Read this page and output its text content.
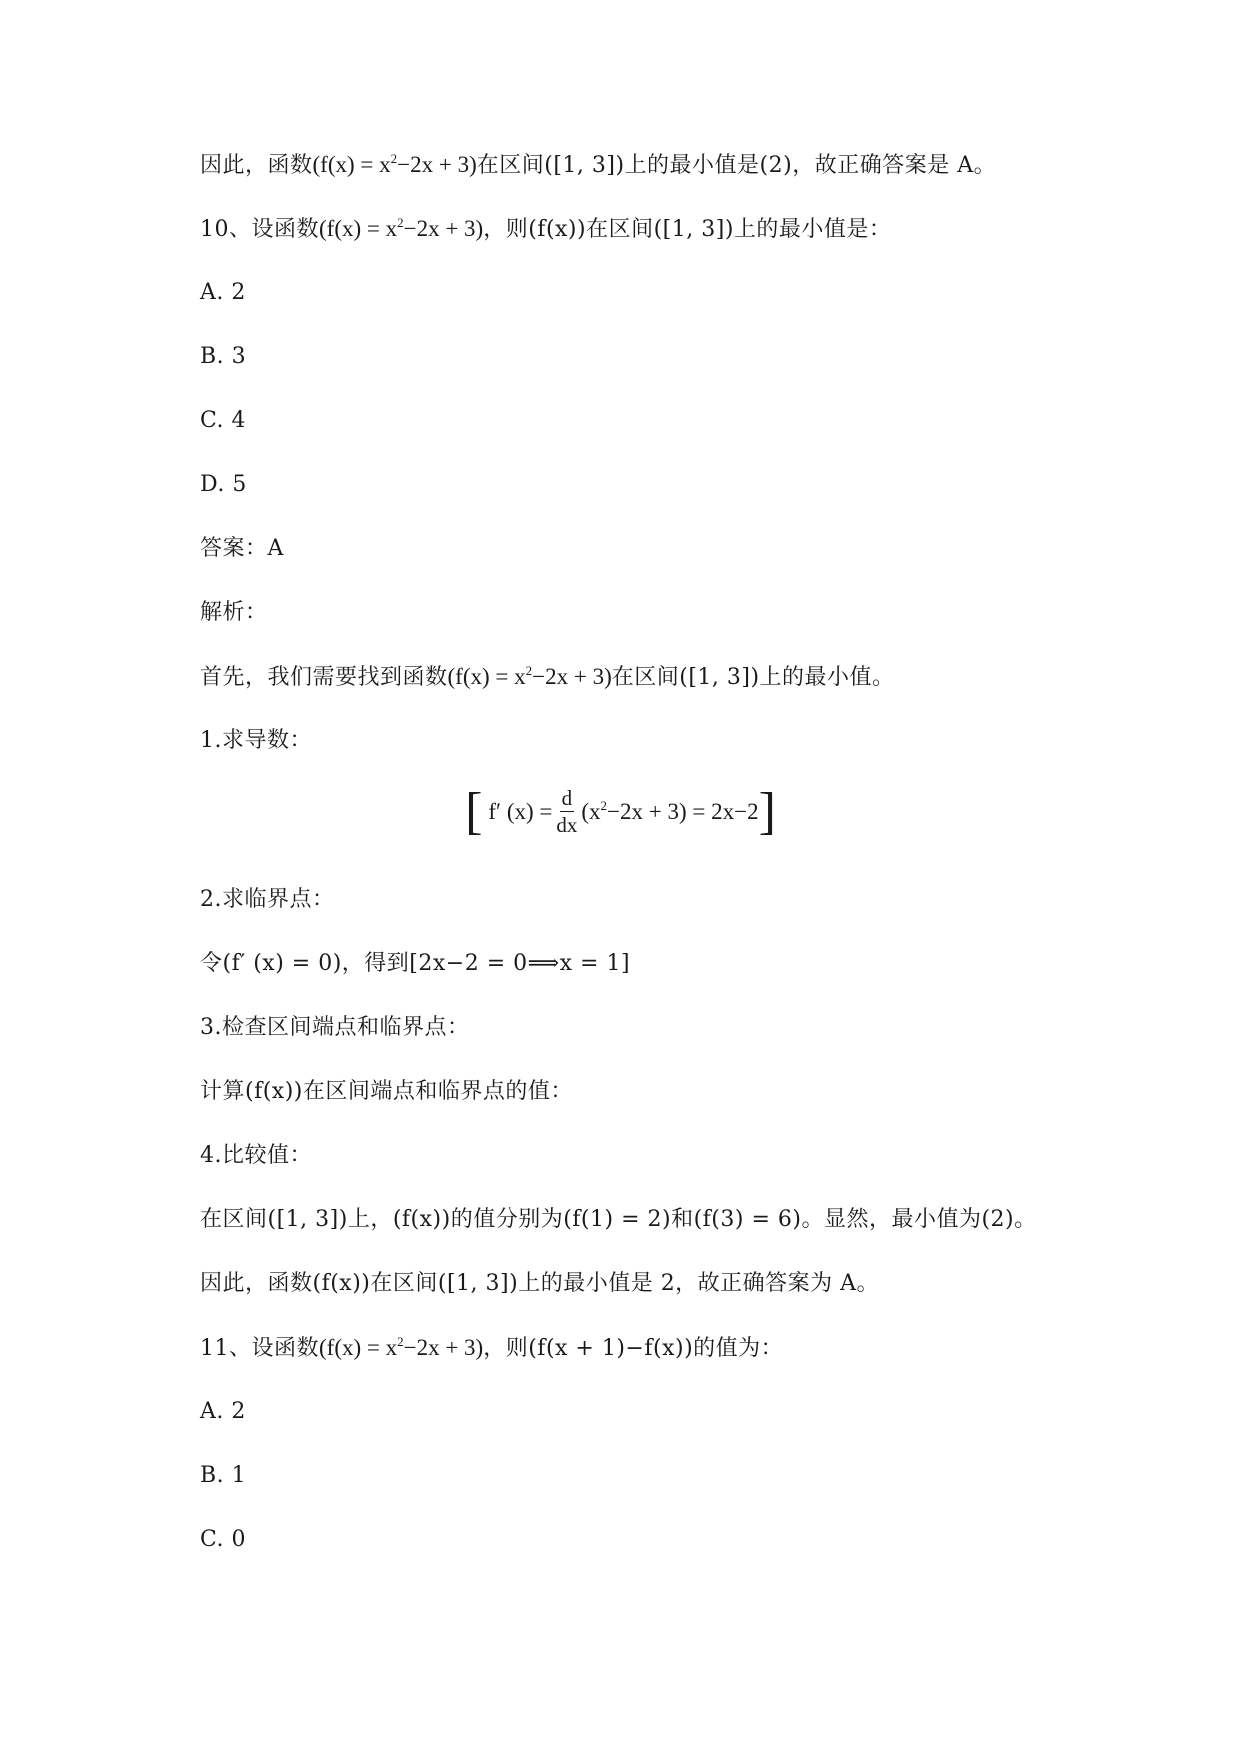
因此，函数$(f(x) = x^2-2x + 3)$在区间([1, 3])上的最小值是(2)，故正确答案是 A。
10、设函数$(f(x) = x^2-2x + 3)$，则(f(x))在区间([1, 3])上的最小值是：
A. 2
B. 3
C. 4
D. 5
答案：A
解析：
首先，我们需要找到函数$(f(x) = x^2-2x + 3)$在区间([1, 3])上的最小值。
1.求导数：
[ f′ $(x) = \frac{d}{dx} (x^2-2x + 3) = 2x-2$ ]
2.求临界点：
令(f′ (x) = 0)，得到[2x−2 = 0⟹x = 1]
3.检查区间端点和临界点：
计算(f(x))在区间端点和临界点的值：
4.比较值：
在区间([1, 3])上，(f(x))的值分别为(f(1) = 2)和(f(3) = 6)。显然，最小值为(2)。
因此，函数(f(x))在区间([1, 3])上的最小值是 2，故正确答案为 A。
11、设函数$(f(x) = x^2-2x + 3)$，则(f(x + 1)−f(x))的值为：
A. 2
B. 1
C. 0
